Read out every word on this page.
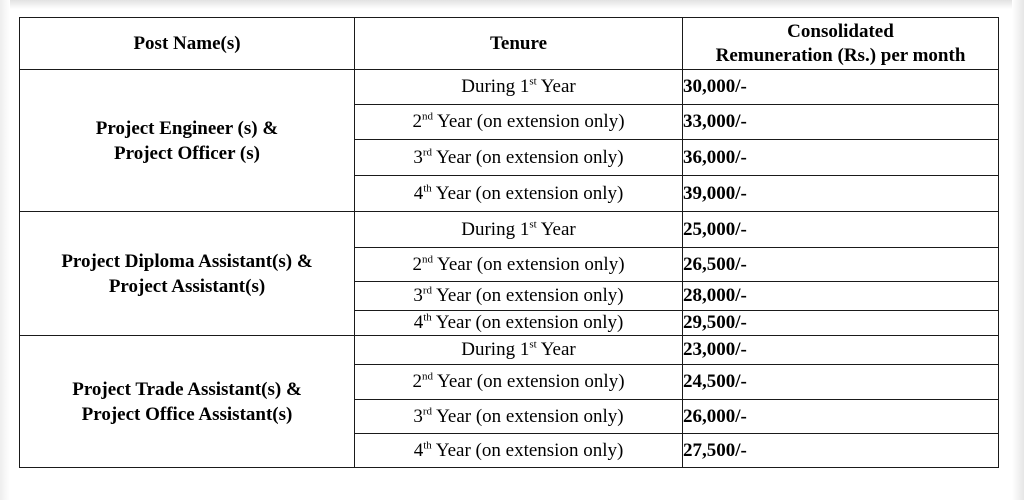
Post Name(s)	Tenure	Consolidated
Remuneration (Rs.) per month

Project Engineer (s) &
Project Officer (s)	During 1st Year	30,000/-
	2nd Year (on extension only)	33,000/-
	3rd Year (on extension only)	36,000/-
	4th Year (on extension only)	39,000/-

Project Diploma Assistant(s) &
Project Assistant(s)	During 1st Year	25,000/-
	2nd Year (on extension only)	26,500/-
	3rd Year (on extension only)	28,000/-
	4th Year (on extension only)	29,500/-

Project Trade Assistant(s) &
Project Office Assistant(s)	During 1st Year	23,000/-
	2nd Year (on extension only)	24,500/-
	3rd Year (on extension only)	26,000/-
	4th Year (on extension only)	27,500/-
